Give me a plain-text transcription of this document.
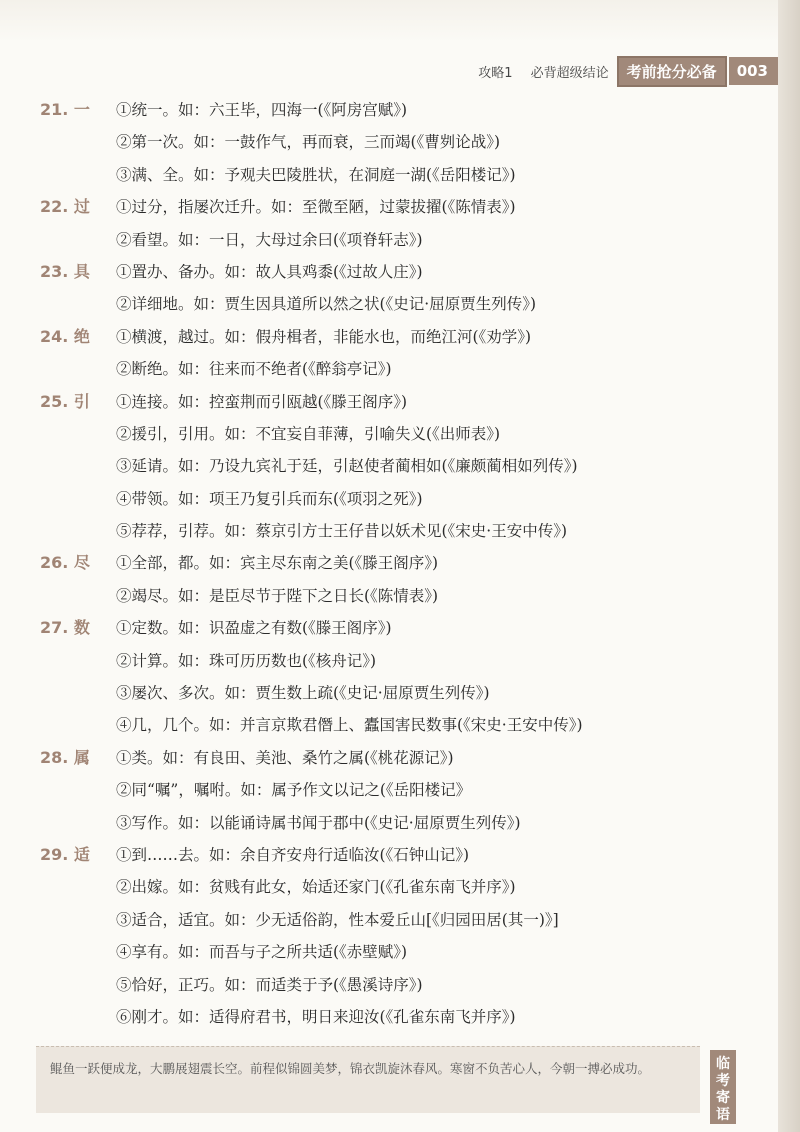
攻略1 必背超级结论	考前抢分必备	003
21. 一 ①统一。如：六王毕，四海一(《阿房宫赋》)
②第一次。如：一鼓作气，再而衰，三而竭(《曹刿论战》)
③满、全。如：予观夫巴陵胜状，在洞庭一湖(《岳阳楼记》)
22. 过 ①过分，指屡次迁升。如：至微至陋，过蒙拔擢(《陈情表》)
②看望。如：一日，大母过余曰(《项脊轩志》)
23. 具 ①置办、备办。如：故人具鸡黍(《过故人庄》)
②详细地。如：贾生因具道所以然之状(《史记·屈原贾生列传》)
24. 绝 ①横渡，越过。如：假舟楫者，非能水也，而绝江河(《劝学》)
②断绝。如：往来而不绝者(《醉翁亭记》)
25. 引 ①连接。如：控蛮荆而引瓯越(《滕王阁序》)
②援引，引用。如：不宜妄自菲薄，引喻失义(《出师表》)
③延请。如：乃设九宾礼于廷，引赵使者蔺相如(《廉颇蔺相如列传》)
④带领。如：项王乃复引兵而东(《项羽之死》)
⑤荐荐，引荐。如：蔡京引方士王仔昔以妖术见(《宋史·王安中传》)
26. 尽 ①全部，都。如：宾主尽东南之美(《滕王阁序》)
②竭尽。如：是臣尽节于陛下之日长(《陈情表》)
27. 数 ①定数。如：识盈虚之有数(《滕王阁序》)
②计算。如：珠可历历数也(《核舟记》)
③屡次、多次。如：贾生数上疏(《史记·屈原贾生列传》)
④几，几个。如：并言京欺君僭上、蠹国害民数事(《宋史·王安中传》)
28. 属 ①类。如：有良田、美池、桑竹之属(《桃花源记》)
②同“嘱”，嘱咐。如：属予作文以记之(《岳阳楼记》
③写作。如：以能诵诗属书闻于郡中(《史记·屈原贾生列传》)
29. 适 ①到……去。如：余自齐安舟行适临汝(《石钟山记》)
②出嫁。如：贫贱有此女，始适还家门(《孔雀东南飞并序》)
③适合，适宜。如：少无适俗韵，性本爱丘山[《归园田居(其一)》]
④享有。如：而吾与子之所共适(《赤壁赋》)
⑤恰好，正巧。如：而适类于予(《愚溪诗序》)
⑥刚才。如：适得府君书，明日来迎汝(《孔雀东南飞并序》)
鲲鱼一跃便成龙，大鹏展翅震长空。前程似锦圆美梦，锦衣凯旋沐春风。寒窗不负苦心人，今朝一搏必成功。	临考寄语
